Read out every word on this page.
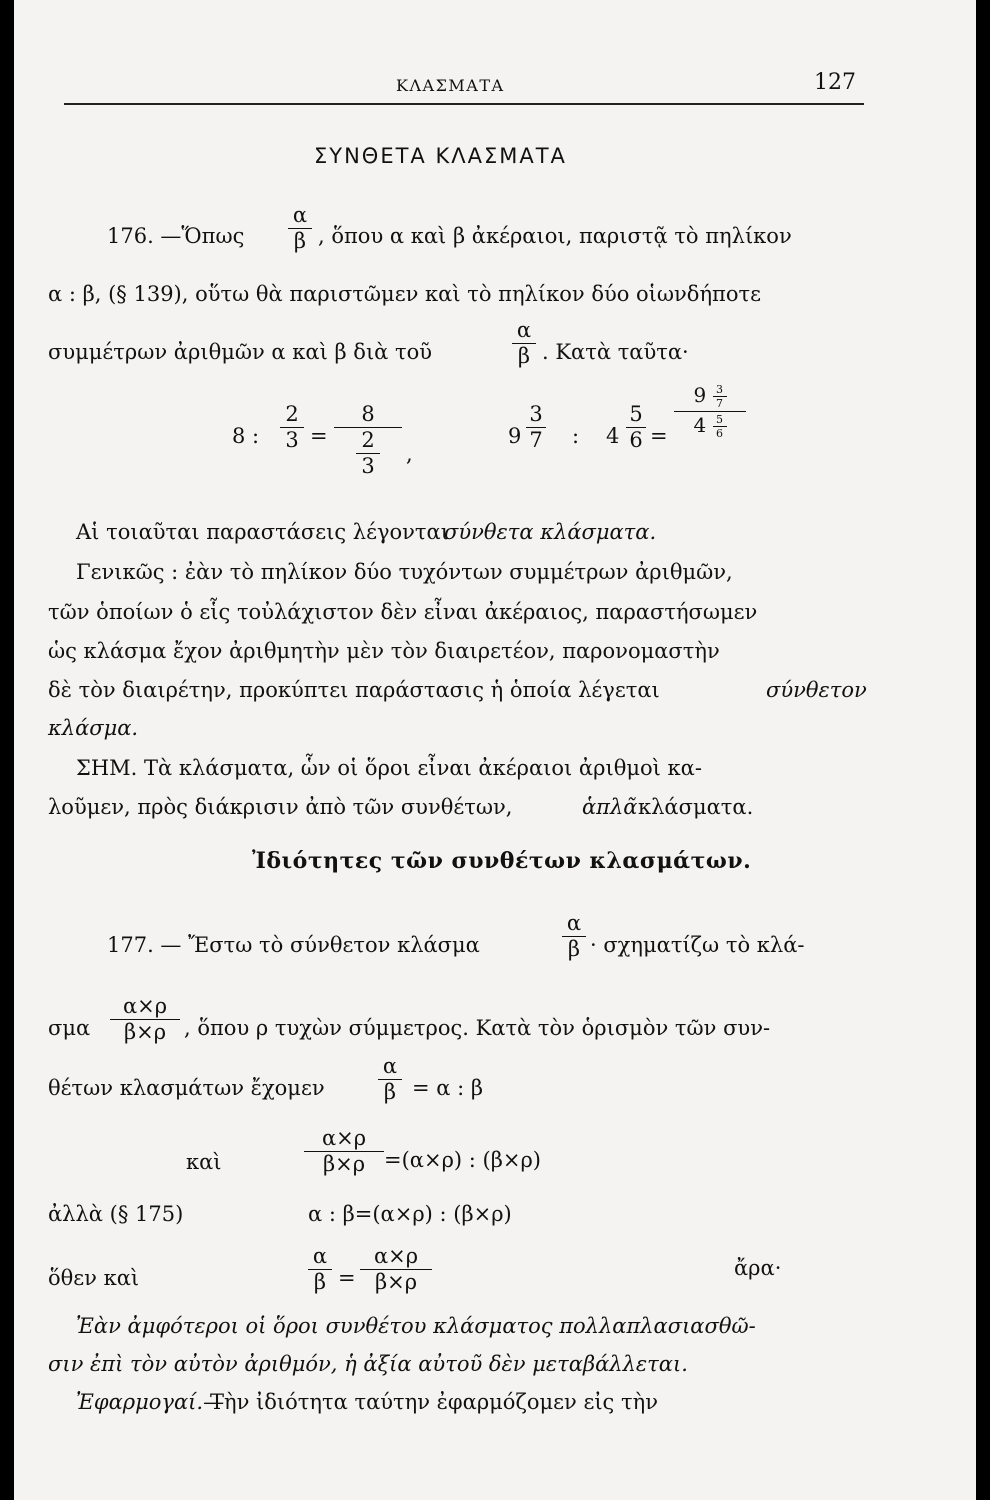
ΚΛΑΣΜΑΤΑ	127
ΣΥΝΘΕΤΑ ΚΛΑΣΜΑΤΑ
176. —Ὅπως
α
β , ὅπου α καὶ β ἀκέραιοι, παριστᾷ τὸ πηλίκον
α : β, (§ 139), οὕτω θὰ παριστῶμεν καὶ τὸ πηλίκον δύο οἱωνδήποτε
συμμέτρων ἀριθμῶν α καὶ β διὰ τοῦ
α
β . Κατὰ ταῦτα·
8 :
2
3 =
8
$\frac{2}{3}$ ,
9
3
7 : 4
5
6 =
$9 \frac{3}{7}$
$4 \frac{5}{6}$
Αἱ τοιαῦται παραστάσεις λέγονται
σύνθετα κλάσματα.
Γενικῶς : ἐὰν τὸ πηλίκον δύο τυχόντων συμμέτρων ἀριθμῶν,
τῶν ὁποίων ὁ εἷς τοὐλάχιστον δὲν εἶναι ἀκέραιος, παραστήσωμεν
ὡς κλάσμα ἔχον ἀριθμητὴν μὲν τὸν διαιρετέον, παρονομαστὴν
δὲ τὸν διαιρέτην, προκύπτει παράστασις ἡ ὁποία λέγεται	σύνθετον
κλάσμα.
ΣΗΜ. Τὰ κλάσματα, ὧν οἱ ὅροι εἶναι ἀκέραιοι ἀριθμοὶ κα-
λοῦμεν, πρὸς διάκρισιν ἀπὸ τῶν συνθέτων,	ἁπλᾶ κλάσματα.
Ἰδιότητες τῶν συνθέτων κλασμάτων.
177. — Ἔστω τὸ σύνθετον κλάσμα
α
β · σχηματίζω τὸ κλά-
σμα
α×ρ
β×ρ , ὅπου ρ τυχὼν σύμμετρος. Κατὰ τὸν ὁρισμὸν τῶν συν-
θέτων κλασμάτων ἔχομεν
α
β = α : β
καὶ
α×ρ
β×ρ =(α×ρ) : (β×ρ)
ἀλλὰ (§ 175)	α : β=(α×ρ) : (β×ρ)
ὅθεν καὶ
α
β =
α×ρ
β×ρ
ἄρα·
Ἐὰν ἀμφότεροι οἱ ὅροι συνθέτου κλάσματος πολλαπλασιασθῶ-
σιν ἐπὶ τὸν αὐτὸν ἀριθμόν, ἡ ἀξία αὐτοῦ δὲν μεταβάλλεται.
Ἐφαρμογαί.—
Τὴν ἰδιότητα ταύτην ἐφαρμόζομεν εἰς τὴν
